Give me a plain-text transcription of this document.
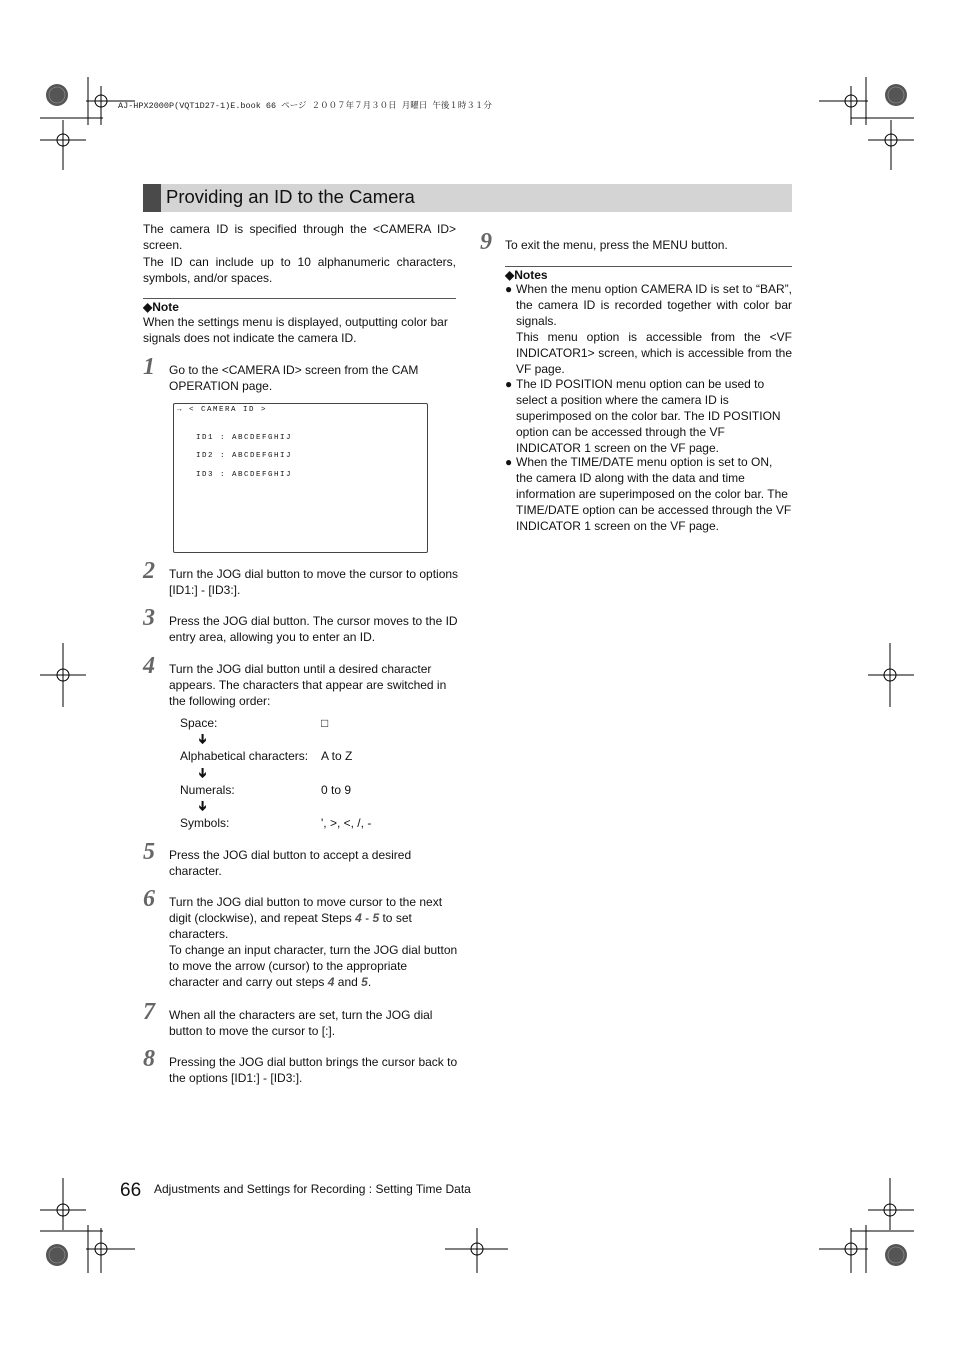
AJ-HPX2000P(VQT1D27-1)E.book 66 ページ ２００７年７月３０日 月曜日 午後１時３１分
Providing an ID to the Camera
The camera ID is specified through the <CAMERA ID> screen.
The ID can include up to 10 alphanumeric characters, symbols, and/or spaces.
◆Note
When the settings menu is displayed, outputting color bar signals does not indicate the camera ID.
1 Go to the <CAMERA ID> screen from the CAM OPERATION page.
→ < CAMERA ID >
ID1 : ABCDEFGHIJ
ID2 : ABCDEFGHIJ
ID3 : ABCDEFGHIJ
2 Turn the JOG dial button to move the cursor to options [ID1:] - [ID3:].
3 Press the JOG dial button. The cursor moves to the ID entry area, allowing you to enter an ID.
4 Turn the JOG dial button until a desired character appears. The characters that appear are switched in the following order:
Space:	□
➔
Alphabetical characters: A to Z
➔
Numerals:	0 to 9
➔
Symbols:	', >, <, /, -
5 Press the JOG dial button to accept a desired character.
6 Turn the JOG dial button to move cursor to the next digit (clockwise), and repeat Steps 4 - 5 to set characters.
To change an input character, turn the JOG dial button to move the arrow (cursor) to the appropriate character and carry out steps 4 and 5.
7 When all the characters are set, turn the JOG dial button to move the cursor to [:].
8 Pressing the JOG dial button brings the cursor back to the options [ID1:] - [ID3:].
9 To exit the menu, press the MENU button.
◆Notes
● When the menu option CAMERA ID is set to “BAR”, the camera ID is recorded together with color bar signals.
This menu option is accessible from the <VF INDICATOR1> screen, which is accessible from the VF page.
● The ID POSITION menu option can be used to select a position where the camera ID is superimposed on the color bar. The ID POSITION option can be accessed through the VF INDICATOR 1 screen on the VF page.
● When the TIME/DATE menu option is set to ON, the camera ID along with the data and time information are superimposed on the color bar. The TIME/DATE option can be accessed through the VF INDICATOR 1 screen on the VF page.
66 Adjustments and Settings for Recording : Setting Time Data
